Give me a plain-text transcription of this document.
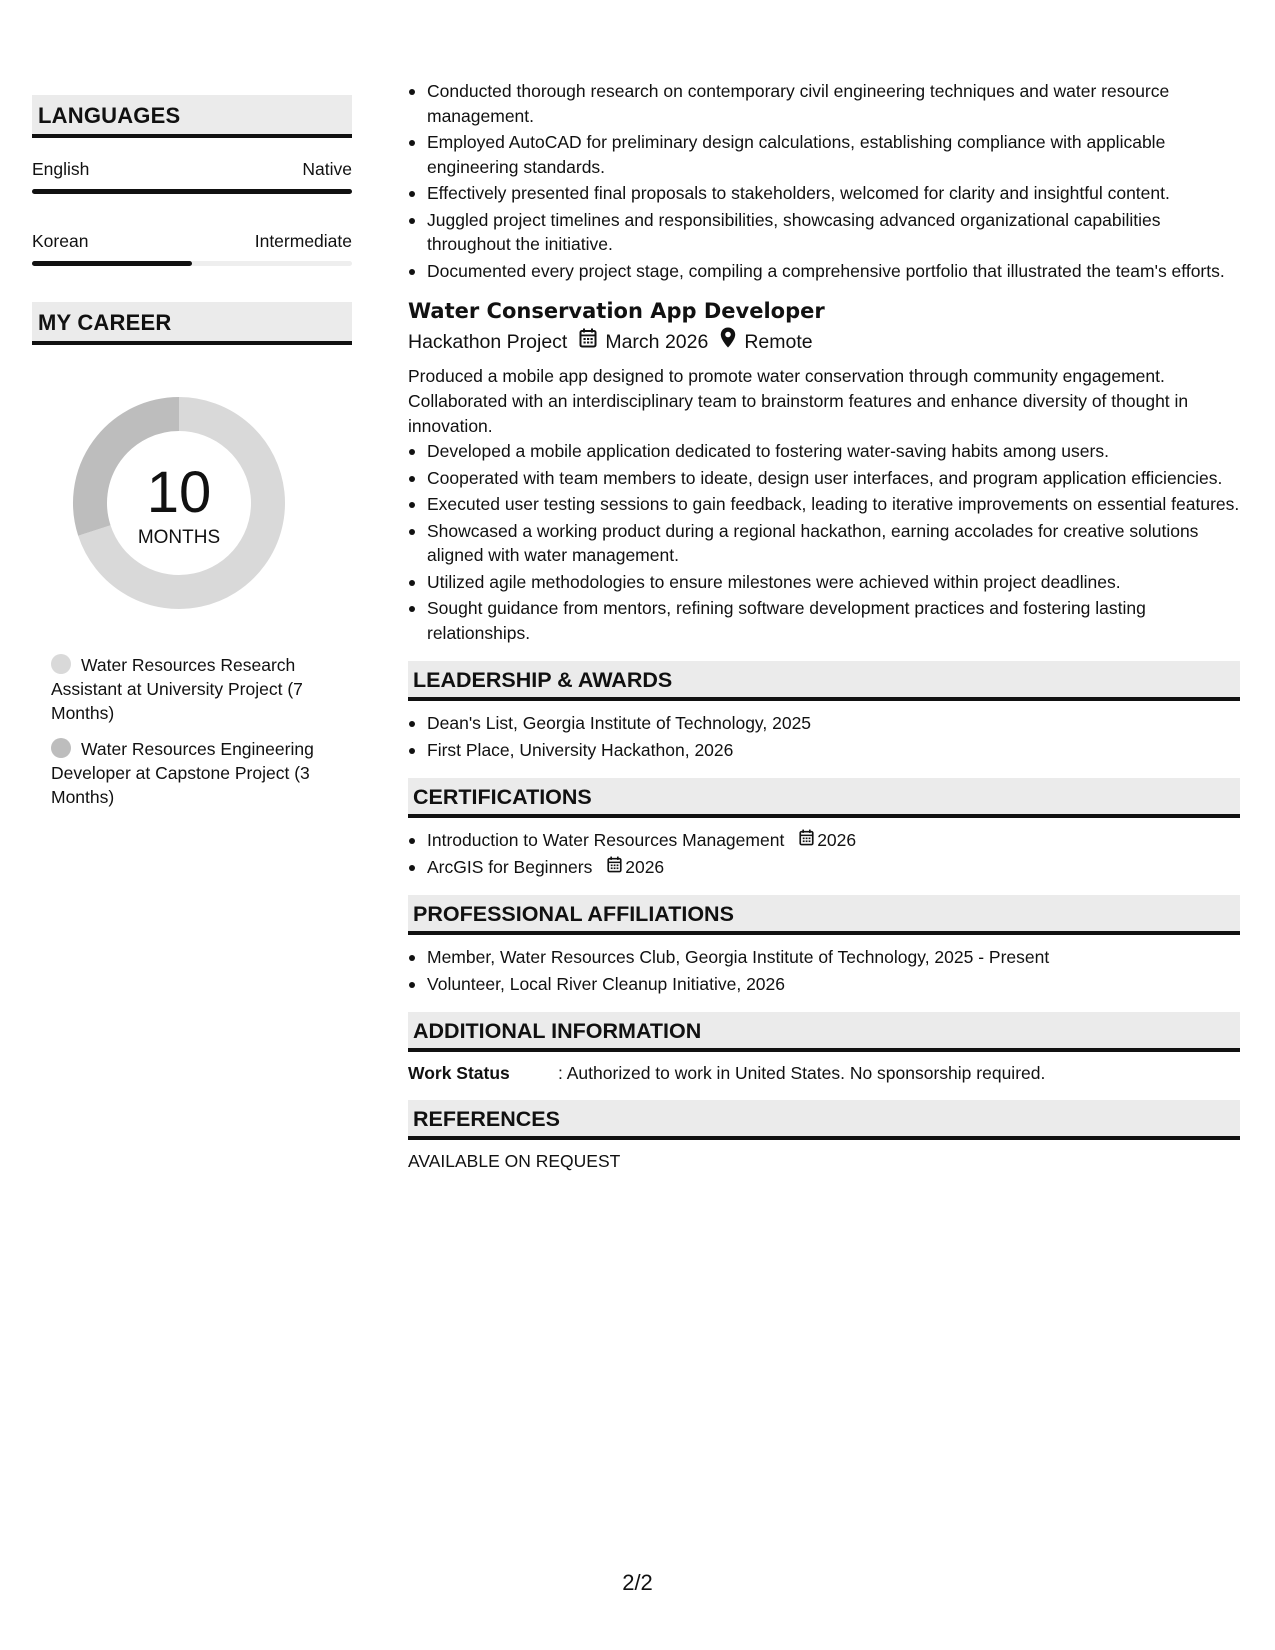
LANGUAGES
English	Native
Korean	Intermediate
MY CAREER
10
MONTHS
Water Resources Research Assistant at University Project (7 Months)
Water Resources Engineering Developer at Capstone Project (3 Months)
Conducted thorough research on contemporary civil engineering techniques and water resource management.
Employed AutoCAD for preliminary design calculations, establishing compliance with applicable engineering standards.
Effectively presented final proposals to stakeholders, welcomed for clarity and insightful content.
Juggled project timelines and responsibilities, showcasing advanced organizational capabilities throughout the initiative.
Documented every project stage, compiling a comprehensive portfolio that illustrated the team's efforts.
Water Conservation App Developer
Hackathon Project March 2026 Remote
Produced a mobile app designed to promote water conservation through community engagement. Collaborated with an interdisciplinary team to brainstorm features and enhance diversity of thought in innovation.
Developed a mobile application dedicated to fostering water-saving habits among users.
Cooperated with team members to ideate, design user interfaces, and program application efficiencies.
Executed user testing sessions to gain feedback, leading to iterative improvements on essential features.
Showcased a working product during a regional hackathon, earning accolades for creative solutions aligned with water management.
Utilized agile methodologies to ensure milestones were achieved within project deadlines.
Sought guidance from mentors, refining software development practices and fostering lasting relationships.
LEADERSHIP & AWARDS
Dean's List, Georgia Institute of Technology, 2025
First Place, University Hackathon, 2026
CERTIFICATIONS
Introduction to Water Resources Management 2026
ArcGIS for Beginners 2026
PROFESSIONAL AFFILIATIONS
Member, Water Resources Club, Georgia Institute of Technology, 2025 - Present
Volunteer, Local River Cleanup Initiative, 2026
ADDITIONAL INFORMATION
Work Status	: Authorized to work in United States. No sponsorship required.
REFERENCES
AVAILABLE ON REQUEST
2/2
